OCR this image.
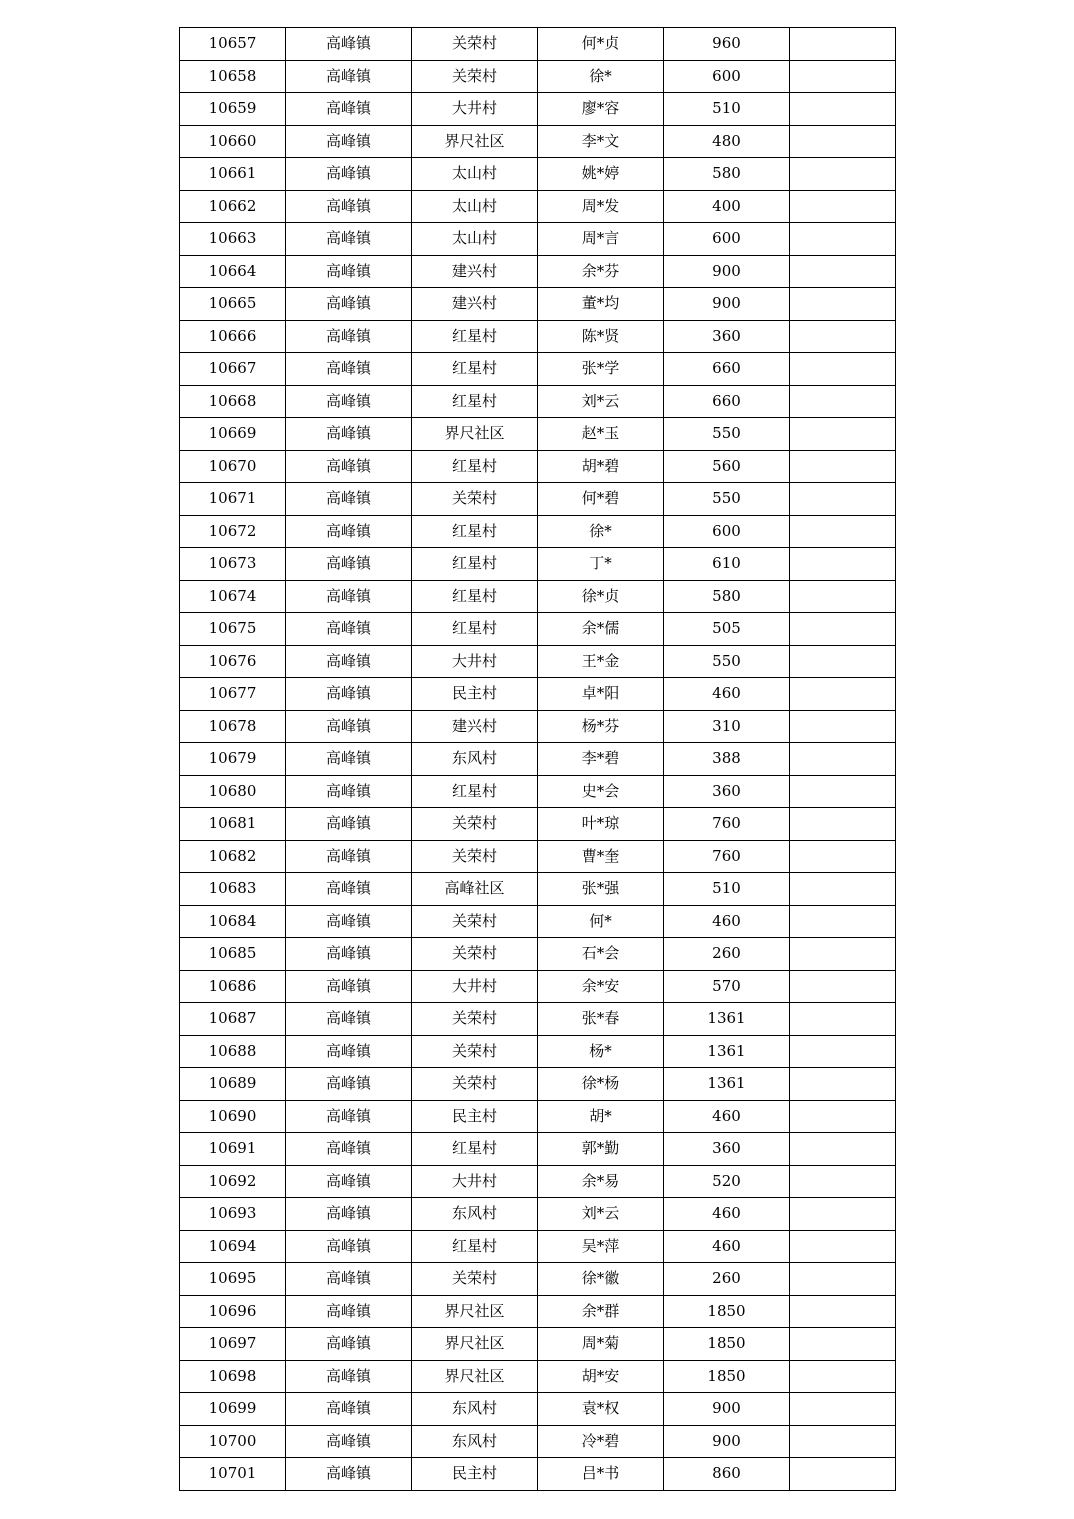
10657	高峰镇	关荣村	何*贞	960	
10658	高峰镇	关荣村	徐*	600	
10659	高峰镇	大井村	廖*容	510	
10660	高峰镇	界尺社区	李*文	480	
10661	高峰镇	太山村	姚*婷	580	
10662	高峰镇	太山村	周*发	400	
10663	高峰镇	太山村	周*言	600	
10664	高峰镇	建兴村	余*芬	900	
10665	高峰镇	建兴村	董*均	900	
10666	高峰镇	红星村	陈*贤	360	
10667	高峰镇	红星村	张*学	660	
10668	高峰镇	红星村	刘*云	660	
10669	高峰镇	界尺社区	赵*玉	550	
10670	高峰镇	红星村	胡*碧	560	
10671	高峰镇	关荣村	何*碧	550	
10672	高峰镇	红星村	徐*	600	
10673	高峰镇	红星村	丁*	610	
10674	高峰镇	红星村	徐*贞	580	
10675	高峰镇	红星村	余*儒	505	
10676	高峰镇	大井村	王*金	550	
10677	高峰镇	民主村	卓*阳	460	
10678	高峰镇	建兴村	杨*芬	310	
10679	高峰镇	东风村	李*碧	388	
10680	高峰镇	红星村	史*会	360	
10681	高峰镇	关荣村	叶*琼	760	
10682	高峰镇	关荣村	曹*奎	760	
10683	高峰镇	高峰社区	张*强	510	
10684	高峰镇	关荣村	何*	460	
10685	高峰镇	关荣村	石*会	260	
10686	高峰镇	大井村	余*安	570	
10687	高峰镇	关荣村	张*春	1361	
10688	高峰镇	关荣村	杨*	1361	
10689	高峰镇	关荣村	徐*杨	1361	
10690	高峰镇	民主村	胡*	460	
10691	高峰镇	红星村	郭*勤	360	
10692	高峰镇	大井村	余*易	520	
10693	高峰镇	东风村	刘*云	460	
10694	高峰镇	红星村	吴*萍	460	
10695	高峰镇	关荣村	徐*徽	260	
10696	高峰镇	界尺社区	余*群	1850	
10697	高峰镇	界尺社区	周*菊	1850	
10698	高峰镇	界尺社区	胡*安	1850	
10699	高峰镇	东风村	袁*权	900	
10700	高峰镇	东风村	冷*碧	900	
10701	高峰镇	民主村	吕*书	860	
